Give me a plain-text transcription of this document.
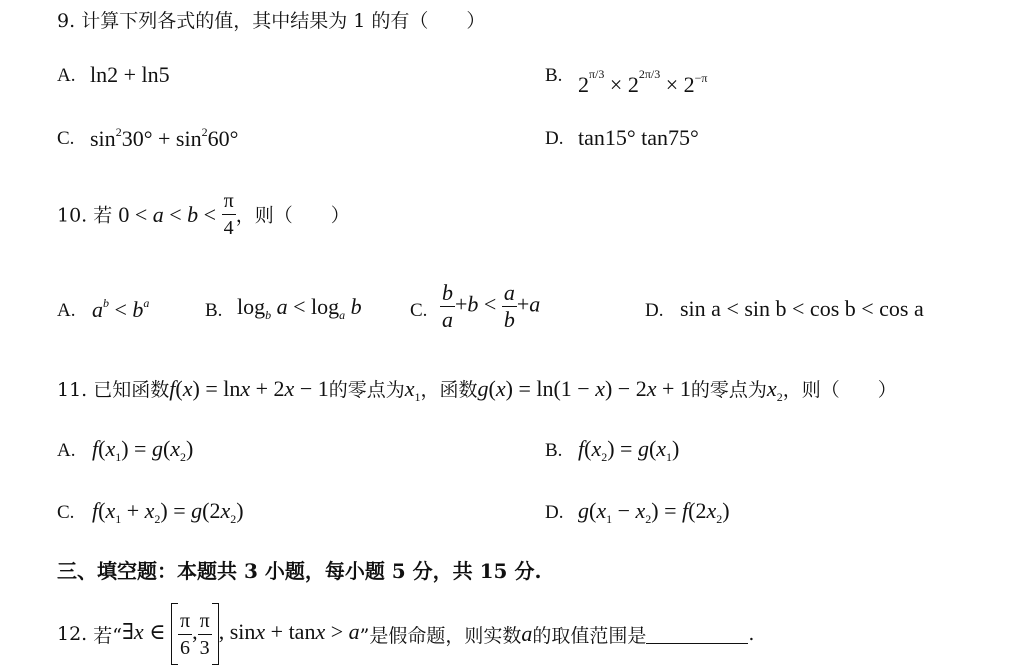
9. 计算下列各式的值，其中结果为 1 的有（　　）
A. ln2 + ln5	B. $2^{\pi/3} \times 2^{2\pi/3} \times 2^{-\pi}$
C. $\sin^230^\circ + \sin^260^\circ$	D. tan15° tan75°
10. 若 $0 < a < b < \frac{\pi}{4}$ ，则（　　）
A. $a^b < b^a$	B. $\log_b a < \log_a b$	C. $\frac{b}{a} +b < \frac{a}{b} +a$	D. sin a < sin b < cos b < cos a
11. 已知函数f(x) = lnx + 2x − 1的零点为$x_1$，函数g(x) = ln(1 − x) − 2x + 1的零点为$x_2$，则（　　）
A. $f(x_1) = g(x_2)$	B. $f(x_2) = g(x_1)$
C. $f(x_1 + x_2) = g(2x_2)$	D. $g(x_1 - x_2) = f(2x_2)$
三、填空题：本题共 3 小题，每小题 5 分，共 15 分.
12.
若“ ∃x ∈ $\frac{\pi}{6}$ , $\frac{\pi}{3}$ , sinx + tanx > a ”是假命题，则实数 a 的取值范围是	.
